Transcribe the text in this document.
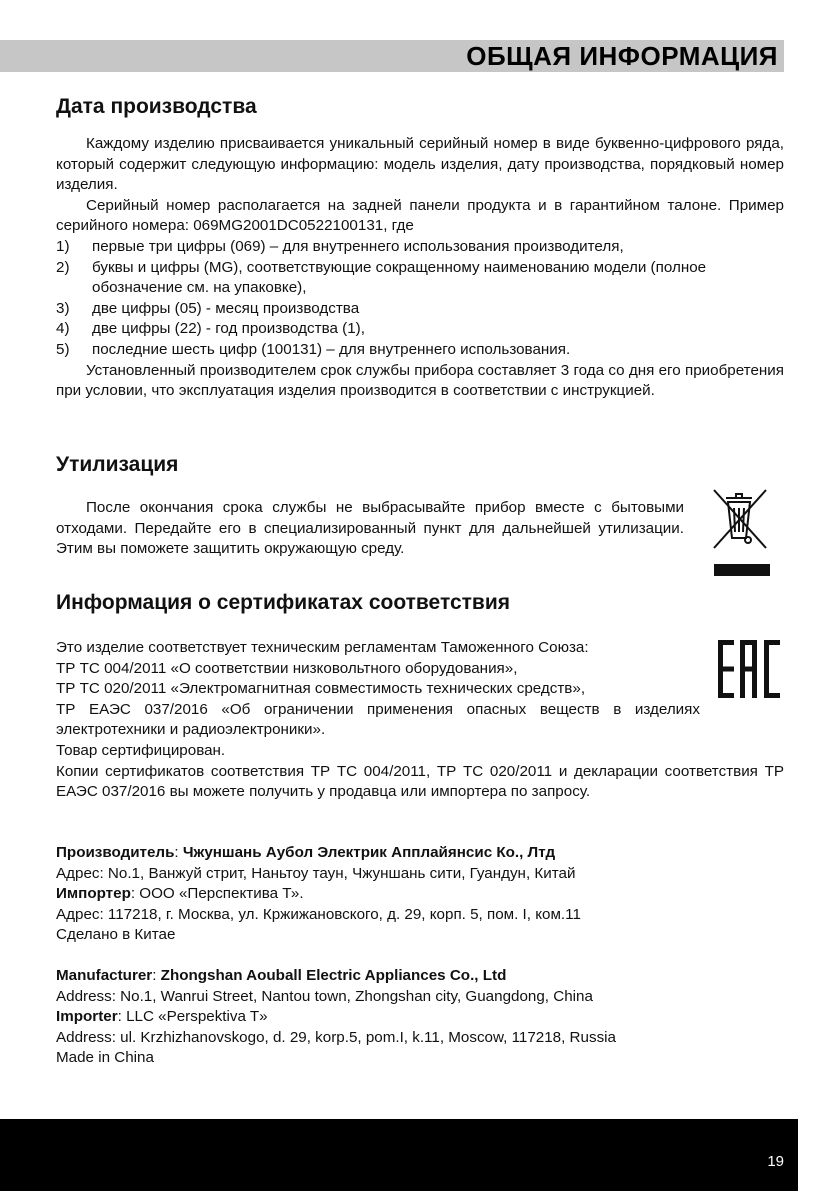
ОБЩАЯ ИНФОРМАЦИЯ
Дата производства

Каждому изделию присваивается уникальный серийный номер в виде буквенно-цифрового ряда, который содержит следующую информацию: модель изделия, дату производства, порядковый номер изделия.

Серийный номер располагается на задней панели продукта и в гарантийном талоне. Пример серийного номера: 069MG2001DC0522100131, где

1) первые три цифры (069) – для внутреннего использования производителя,
2) буквы и цифры (MG), соответствующие сокращенному наименованию модели (полное обозначение см. на упаковке),
3) две цифры (05) - месяц производства
4) две цифры (22) - год производства (1),
5) последние шесть цифр (100131) – для внутреннего использования.

Установленный производителем срок службы прибора составляет 3 года со дня его приобретения при условии, что эксплуатация изделия производится в соответствии с инструкцией.

Утилизация

После окончания срока службы не выбрасывайте прибор вместе с бытовыми отходами. Передайте его в специализированный пункт для дальнейшей утилизации. Этим вы поможете защитить окружающую среду.

Информация о сертификатах соответствия

Это изделие соответствует техническим регламентам Таможенного Союза:

ТР ТС 004/2011 «О соответствии низковольтного оборудования»,

ТР ТС 020/2011 «Электромагнитная совместимость технических средств»,

ТР ЕАЭС 037/2016 «Об ограничении применения опасных веществ в изделиях электротехники и радиоэлектроники».

Товар сертифицирован.

Копии сертификатов соответствия ТР ТС 004/2011, ТР ТС 020/2011 и декларации соответствия ТР ЕАЭС 037/2016 вы можете получить у продавца или импортера по запросу.

Производитель: Чжуншань Аубол Электрик Апплайянсис Ко., Лтд

Адрес: No.1, Ванжуй стрит, Наньтоу таун, Чжуншань сити, Гуандун, Китай

Импортер: ООО «Перспектива Т».

Адрес: 117218, г. Москва, ул. Кржижановского, д. 29, корп. 5, пом. I, ком.11

Сделано в Китае

Manufacturer: Zhongshan Aouball Electric Appliances Co., Ltd

Address: No.1, Wanrui Street, Nantou town, Zhongshan city, Guangdong, China

Importer: LLC «Perspektiva T»

Address: ul. Krzhizhanovskogo, d. 29, korp.5, pom.I, k.11, Moscow, 117218, Russia

Made in China

19
